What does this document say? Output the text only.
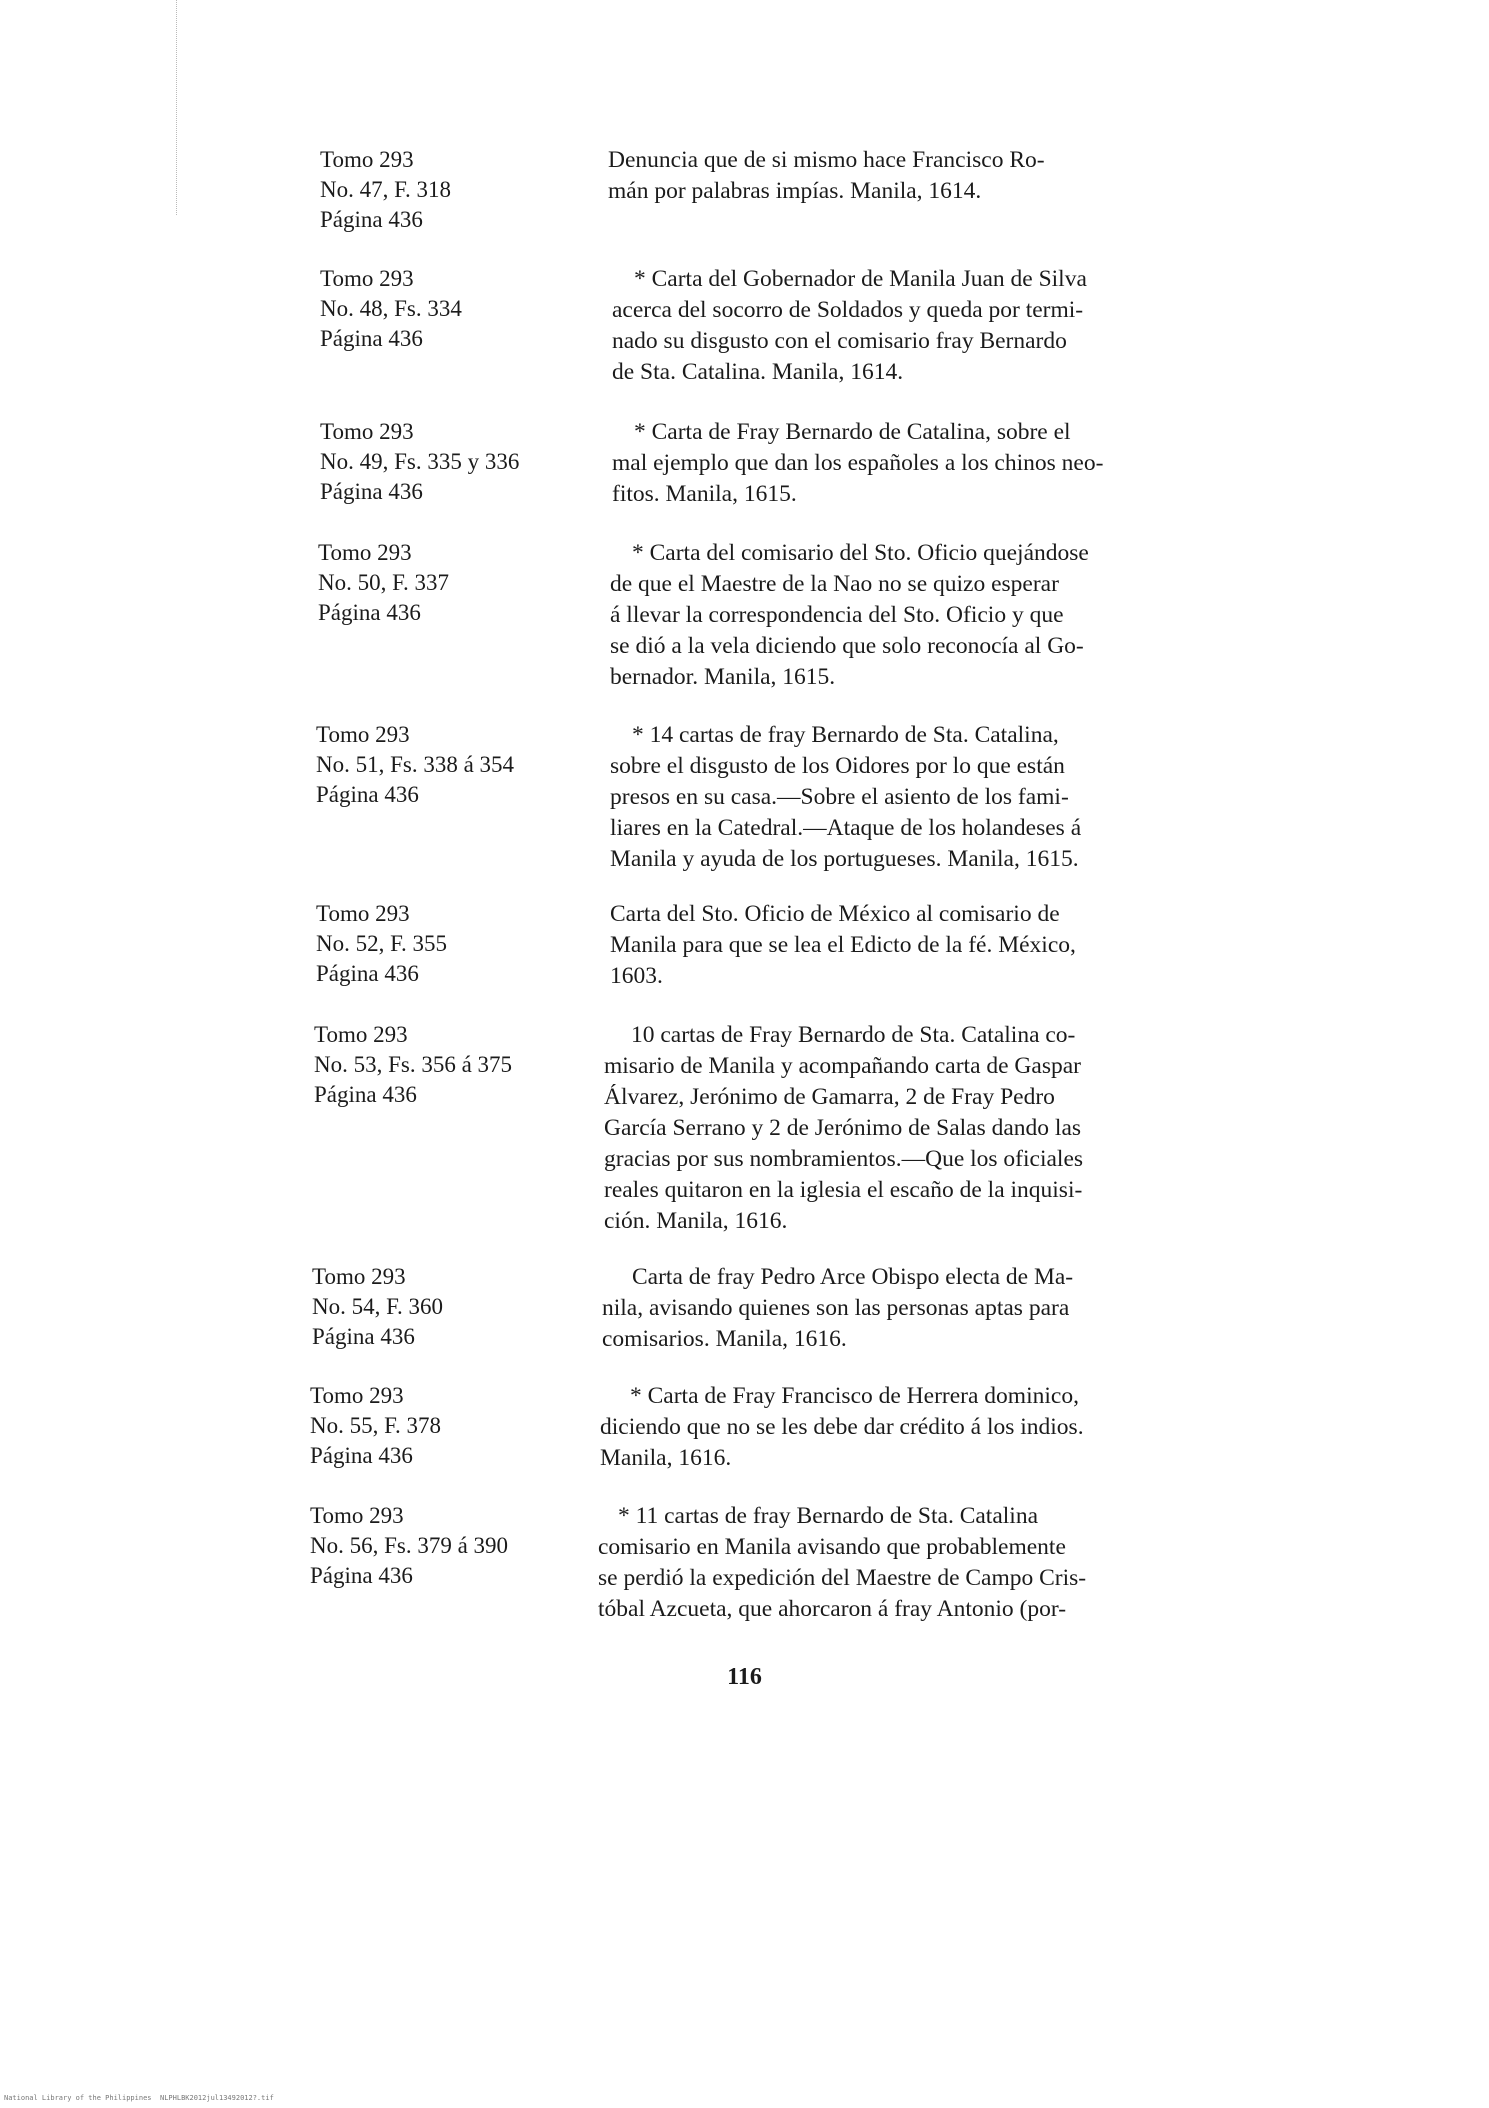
Tomo 293
No. 47, F. 318
Página 436
Denuncia que de si mismo hace Francisco Ro-
mán por palabras impías. Manila, 1614.
Tomo 293
No. 48, Fs. 334
Página 436
* Carta del Gobernador de Manila Juan de Silva
acerca del socorro de Soldados y queda por termi-
nado su disgusto con el comisario fray Bernardo
de Sta. Catalina. Manila, 1614.
Tomo 293
No. 49, Fs. 335 y 336
Página 436
* Carta de Fray Bernardo de Catalina, sobre el
mal ejemplo que dan los españoles a los chinos neo-
fitos. Manila, 1615.
Tomo 293
No. 50, F. 337
Página 436
* Carta del comisario del Sto. Oficio quejándose
de que el Maestre de la Nao no se quizo esperar
á llevar la correspondencia del Sto. Oficio y que
se dió a la vela diciendo que solo reconocía al Go-
bernador. Manila, 1615.
Tomo 293
No. 51, Fs. 338 á 354
Página 436
* 14 cartas de fray Bernardo de Sta. Catalina,
sobre el disgusto de los Oidores por lo que están
presos en su casa.—Sobre el asiento de los fami-
liares en la Catedral.—Ataque de los holandeses á
Manila y ayuda de los portugueses. Manila, 1615.
Tomo 293
No. 52, F. 355
Página 436
Carta del Sto. Oficio de México al comisario de
Manila para que se lea el Edicto de la fé. México,
1603.
Tomo 293
No. 53, Fs. 356 á 375
Página 436
10 cartas de Fray Bernardo de Sta. Catalina co-
misario de Manila y acompañando carta de Gaspar
Álvarez, Jerónimo de Gamarra, 2 de Fray Pedro
García Serrano y 2 de Jerónimo de Salas dando las
gracias por sus nombramientos.—Que los oficiales
reales quitaron en la iglesia el escaño de la inquisi-
ción. Manila, 1616.
Tomo 293
No. 54, F. 360
Página 436
Carta de fray Pedro Arce Obispo electa de Ma-
nila, avisando quienes son las personas aptas para
comisarios. Manila, 1616.
Tomo 293
No. 55, F. 378
Página 436
* Carta de Fray Francisco de Herrera dominico,
diciendo que no se les debe dar crédito á los indios.
Manila, 1616.
Tomo 293
No. 56, Fs. 379 á 390
Página 436
* 11 cartas de fray Bernardo de Sta. Catalina
comisario en Manila avisando que probablemente
se perdió la expedición del Maestre de Campo Cris-
tóbal Azcueta, que ahorcaron á fray Antonio (por-
116
National Library of the Philippines NLPHLBK2012jul13492012?.tif
